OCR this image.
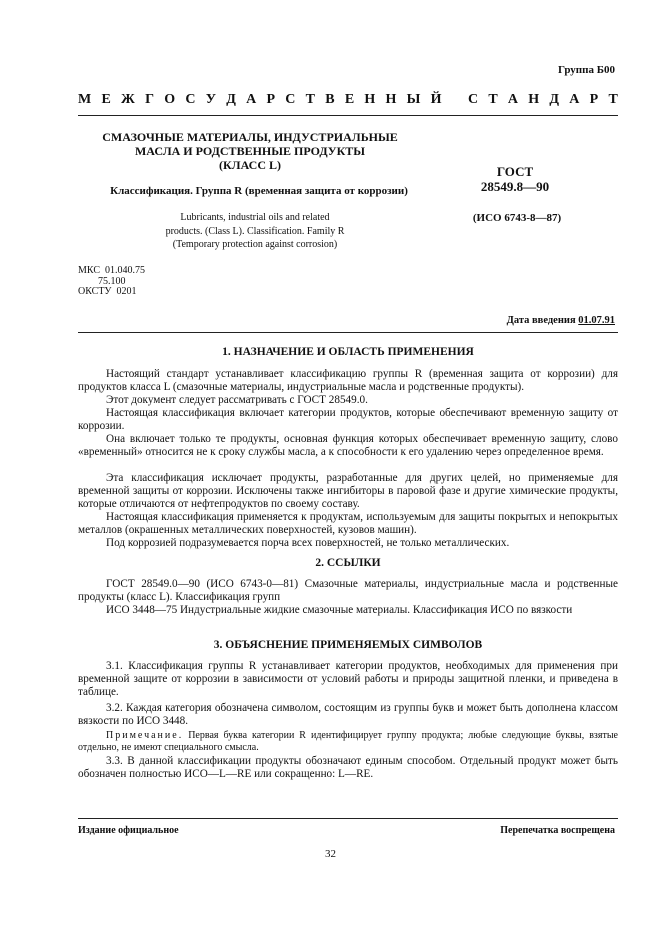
Группа Б00
М Е Ж Г О С У Д А Р С Т В Е Н Н Ы Й С Т А Н Д А Р Т
СМАЗОЧНЫЕ МАТЕРИАЛЫ, ИНДУСТРИАЛЬНЫЕ
МАСЛА И РОДСТВЕННЫЕ ПРОДУКТЫ
(КЛАСС L)
Классификация. Группа R (временная защита от коррозии)
Lubricants, industrial oils and related
products. (Class L). Classification. Family R
(Temporary protection against corrosion)
ГОСТ
28549.8—90
(ИСО 6743-8—87)
МКС  01.040.75
75.100
ОКСТУ  0201
Дата введения 01.07.91
1. НАЗНАЧЕНИЕ И ОБЛАСТЬ ПРИМЕНЕНИЯ
Настоящий стандарт устанавливает классификацию группы R (временная защита от коррозии) для продуктов класса L (смазочные материалы, индустриальные масла и родственные продукты).
Этот документ следует рассматривать с ГОСТ 28549.0.
Настоящая классификация включает категории продуктов, которые обеспечивают временную защиту от коррозии.
Она включает только те продукты, основная функция которых обеспечивает временную защиту, слово «временный» относится не к сроку службы масла, а к способности к его удалению через определенное время.
Эта классификация исключает продукты, разработанные для других целей, но применяемые для временной защиты от коррозии. Исключены также ингибиторы в паровой фазе и другие химические продукты, которые отличаются от нефтепродуктов по своему составу.
Настоящая классификация применяется к продуктам, используемым для защиты покрытых и непокрытых металлов (окрашенных металлических поверхностей, кузовов машин).
Под коррозией подразумевается порча всех поверхностей, не только металлических.
2. ССЫЛКИ
ГОСТ 28549.0—90 (ИСО 6743-0—81) Смазочные материалы, индустриальные масла и родственные продукты (класс L). Классификация групп
ИСО 3448—75 Индустриальные жидкие смазочные материалы. Классификация ИСО по вязкости
3. ОБЪЯСНЕНИЕ ПРИМЕНЯЕМЫХ СИМВОЛОВ
3.1. Классификация группы R устанавливает категории продуктов, необходимых для применения при временной защите от коррозии в зависимости от условий работы и природы защитной пленки, и приведена в таблице.
3.2. Каждая категория обозначена символом, состоящим из группы букв и может быть дополнена классом вязкости по ИСО 3448.
Примечание. Первая буква категории R идентифицирует группу продукта; любые следующие буквы, взятые отдельно, не имеют специального смысла.
3.3. В данной классификации продукты обозначают единым способом. Отдельный продукт может быть обозначен полностью ИСО—L—RE или сокращенно: L—RE.
Издание официальное	Перепечатка воспрещена
32
